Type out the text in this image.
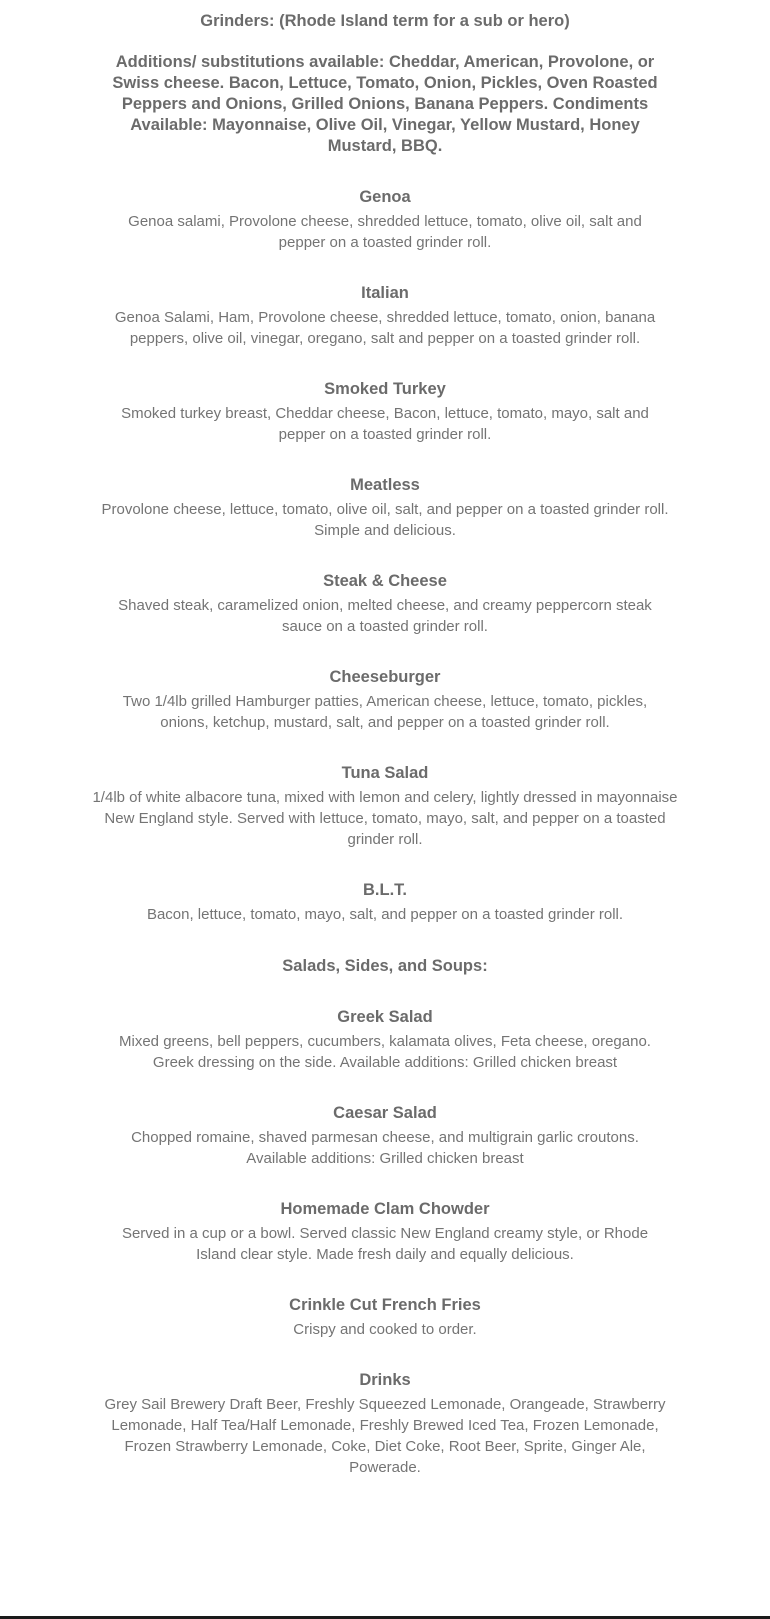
Grinders: (Rhode Island term for a sub or hero)
Additions/ substitutions available: Cheddar, American, Provolone, or Swiss cheese. Bacon, Lettuce, Tomato, Onion, Pickles, Oven Roasted Peppers and Onions, Grilled Onions, Banana Peppers. Condiments Available: Mayonnaise, Olive Oil, Vinegar, Yellow Mustard, Honey Mustard, BBQ.
Genoa
Genoa salami, Provolone cheese, shredded lettuce, tomato, olive oil, salt and pepper on a toasted grinder roll.
Italian
Genoa Salami, Ham, Provolone cheese, shredded lettuce, tomato, onion, banana peppers, olive oil, vinegar, oregano, salt and pepper on a toasted grinder roll.
Smoked Turkey
Smoked turkey breast, Cheddar cheese, Bacon, lettuce, tomato, mayo, salt and pepper on a toasted grinder roll.
Meatless
Provolone cheese, lettuce, tomato, olive oil, salt, and pepper on a toasted grinder roll. Simple and delicious.
Steak & Cheese
Shaved steak, caramelized onion, melted cheese, and creamy peppercorn steak sauce on a toasted grinder roll.
Cheeseburger
Two 1/4lb grilled Hamburger patties, American cheese, lettuce, tomato, pickles, onions, ketchup, mustard, salt, and pepper on a toasted grinder roll.
Tuna Salad
1/4lb of white albacore tuna, mixed with lemon and celery, lightly dressed in mayonnaise New England style. Served with lettuce, tomato, mayo, salt, and pepper on a toasted grinder roll.
B.L.T.
Bacon, lettuce, tomato, mayo, salt, and pepper on a toasted grinder roll.
Salads, Sides, and Soups:
Greek Salad
Mixed greens, bell peppers, cucumbers, kalamata olives, Feta cheese, oregano. Greek dressing on the side. Available additions: Grilled chicken breast
Caesar Salad
Chopped romaine, shaved parmesan cheese, and multigrain garlic croutons. Available additions: Grilled chicken breast
Homemade Clam Chowder
Served in a cup or a bowl. Served classic New England creamy style, or Rhode Island clear style. Made fresh daily and equally delicious.
Crinkle Cut French Fries
Crispy and cooked to order.
Drinks
Grey Sail Brewery Draft Beer, Freshly Squeezed Lemonade, Orangeade, Strawberry Lemonade, Half Tea/Half Lemonade, Freshly Brewed Iced Tea, Frozen Lemonade, Frozen Strawberry Lemonade, Coke, Diet Coke, Root Beer, Sprite, Ginger Ale, Powerade.
